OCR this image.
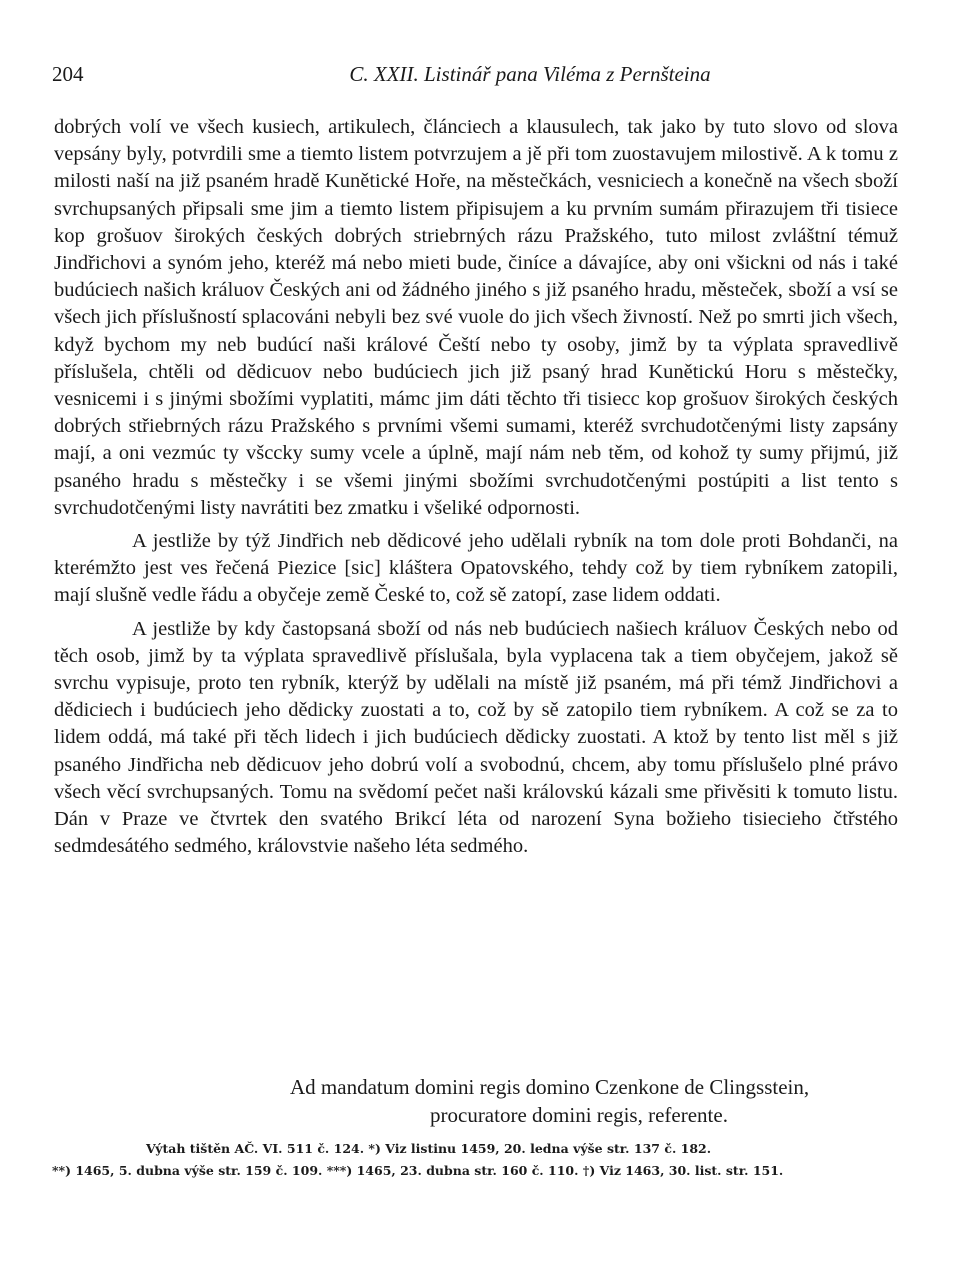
204	C. XXII. Listinář pana Viléma z Pernšteina

dobrých volí ve všech kusiech, artikulech, článciech a klausulech, tak jako by tuto slovo od slova vepsány byly, potvrdili sme a tiemto listem potvrzujem a jě při tom zuostavujem milostivě. A k tomu z milosti naší na již psaném hradě Kunětické Hoře, na městečkách, vesniciech a konečně na všech sboží svrchupsaných připsali sme jim a tiemto listem připisujem a ku prvním sumám přirazujem tři tisiece kop grošuov širokých českých dobrých striebrných rázu Pražského, tuto milost zvláštní témuž Jindřichovi a synóm jeho, kteréž má nebo mieti bude, činíce a dávajíce, aby oni všickni od nás i také budúciech našich králuov Českých ani od žádného jiného s již psaného hradu, městeček, sboží a vsí se všech jich příslušností splacováni nebyli bez své vuole do jich všech živností. Než po smrti jich všech, když bychom my neb budúcí naši králové Čeští nebo ty osoby, jimž by ta výplata spravedlivě příslušela, chtěli od dědicuov nebo budúciech jich již psaný hrad Kunětickú Horu s městečky, vesnicemi i s jinými sbožími vyplatiti, mámc jim dáti těchto tři tisiecc kop grošuov širokých českých dobrých střiebrných rázu Pražského s prvními všemi sumami, kteréž svrchudotčenými listy zapsány mají, a oni vezmúc ty všccky sumy vcele a úplně, mají nám neb těm, od kohož ty sumy přijmú, již psaného hradu s městečky i se všemi jinými sbožími svrchudotčenými postúpiti a list tento s svrchudotčenými listy navrátiti bez zmatku i všeliké odpornosti.

A jestliže by týž Jindřich neb dědicové jeho udělali rybník na tom dole proti Bohdanči, na kterémžto jest ves řečená Piezice [sic] kláštera Opatovského, tehdy což by tiem rybníkem zatopili, mají slušně vedle řádu a obyčeje země České to, což sě zatopí, zase lidem oddati.

A jestliže by kdy častopsaná sboží od nás neb budúciech našiech králuov Českých nebo od těch osob, jimž by ta výplata spravedlivě příslušala, byla vyplacena tak a tiem obyčejem, jakož sě svrchu vypisuje, proto ten rybník, kterýž by udělali na místě již psaném, má při témž Jindřichovi a dědiciech i budúciech jeho dědicky zuostati a to, což by sě zatopilo tiem rybníkem. A což se za to lidem oddá, má také při těch lidech i jich budúciech dědicky zuostati. A ktož by tento list měl s již psaného Jindřicha neb dědicuov jeho dobrú volí a svobodnú, chcem, aby tomu příslušelo plné právo všech věcí svrchupsaných. Tomu na svědomí pečet naši královskú kázali sme přivěsiti k tomuto listu. Dán v Praze ve čtvrtek den svatého Brikcí léta od narození Syna božieho tisiecieho čtřstého sedmdesátého sedmého, královstvie našeho léta sedmého.

Ad mandatum domini regis domino Czenkone de Clingsstein,
procuratore domini regis, referente.
Výtah tištěn AČ. VI. 511 č. 124. *) Viz listinu 1459, 20. ledna výše str. 137 č. 182.
**) 1465, 5. dubna výše str. 159 č. 109. ***) 1465, 23. dubna str. 160 č. 110. †) Viz 1463, 30. list. str. 151.
